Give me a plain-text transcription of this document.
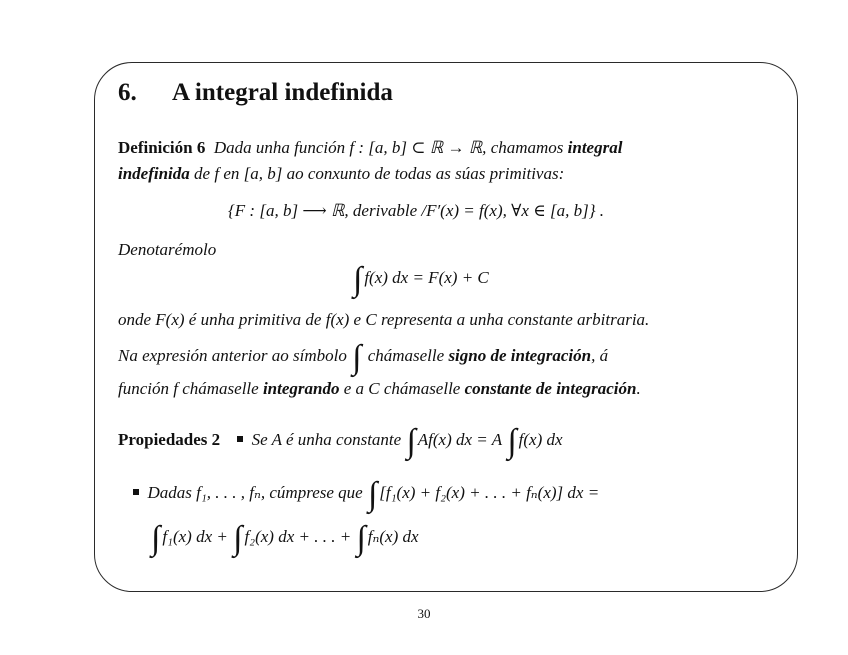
6. A integral indefinida
Definición 6 Dada unha función f : [a, b] ⊂ ℝ → ℝ, chamamos integral
indefinida de f en [a, b] ao conxunto de todas as súas primitivas:
{F : [a, b] ⟶ ℝ, derivable /F′(x) = f(x), ∀x ∈ [a, b]} .
Denotarémolo
∫ f(x) dx = F(x) + C
onde F(x) é unha primitiva de f(x) e C representa a unha constante arbitraria.
Na expresión anterior ao símbolo ∫ chámaselle signo de integración, á
función f chámaselle integrando e a C chámaselle constante de integración.
Propiedades 2 Se A é unha constante ∫ Af(x) dx = A ∫ f(x) dx
Dadas f₁, . . . , fₙ, cúmprese que ∫ [f₁(x) + f₂(x) + . . . + fₙ(x)] dx =
∫ f₁(x) dx + ∫ f₂(x) dx + . . . + ∫ fₙ(x) dx
30
